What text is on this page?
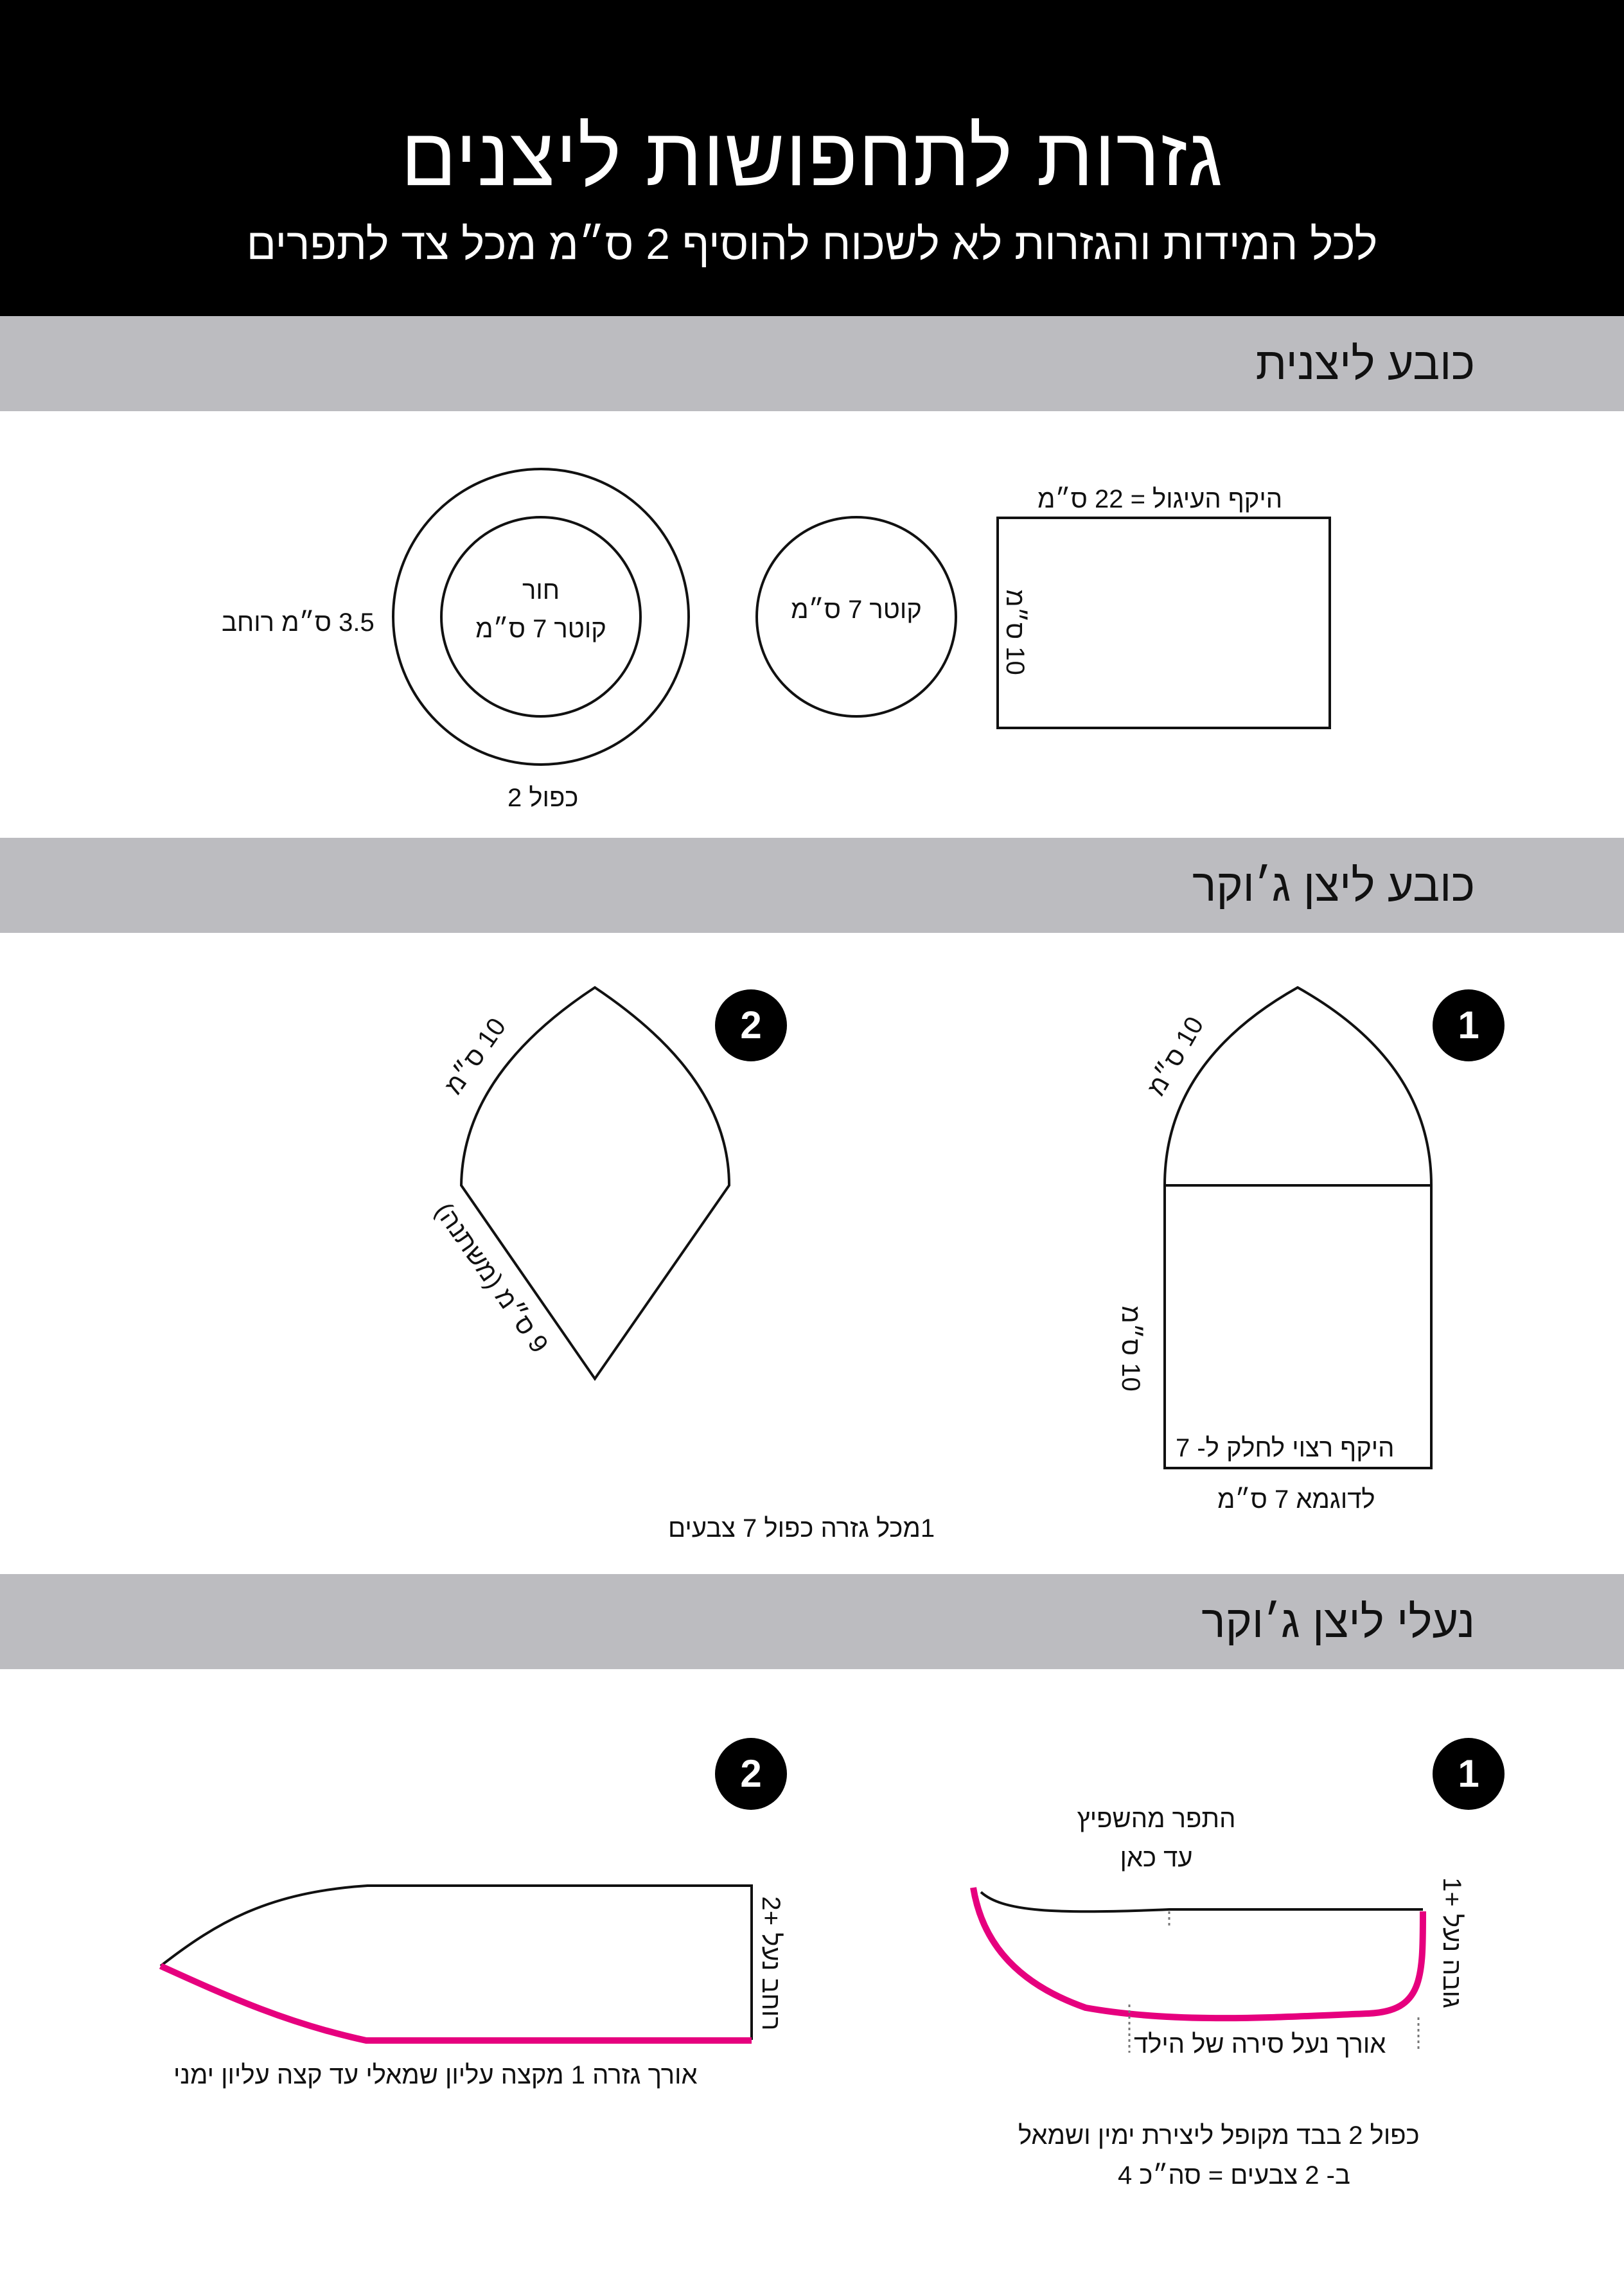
גזרות לתחפושות ליצנים
לכל המידות והגזרות לא לשכוח להוסיף 2 ס״מ מכל צד לתפרים
כובע ליצנית
כובע ליצן ג׳וקר
נעלי ליצן ג׳וקר
היקף העיגול = 22 ס״מ
10 ס״מ
קוטר 7 ס״מ
חור
קוטר 7 ס״מ
3.5 ס״מ רוחב
כפול 2
1
2
10 ס״מ
10 ס״מ
היקף רצוי לחלק ל- 7
לדוגמא 7 ס״מ
10 ס״מ
9 ס״מ (משתנה)
1מכל גזרה כפול 7 צבעים
1
2
התפר מהשפיץ
עד כאן
גובה נעל +1
אורך נעל סירה של הילד
כפול 2 בבד מקופל ליצירת ימין ושמאל
ב- 2 צבעים = סה״כ 4
רוחב נעל +2
אורך גזרה 1 מקצה עליון שמאלי עד קצה עליון ימני
